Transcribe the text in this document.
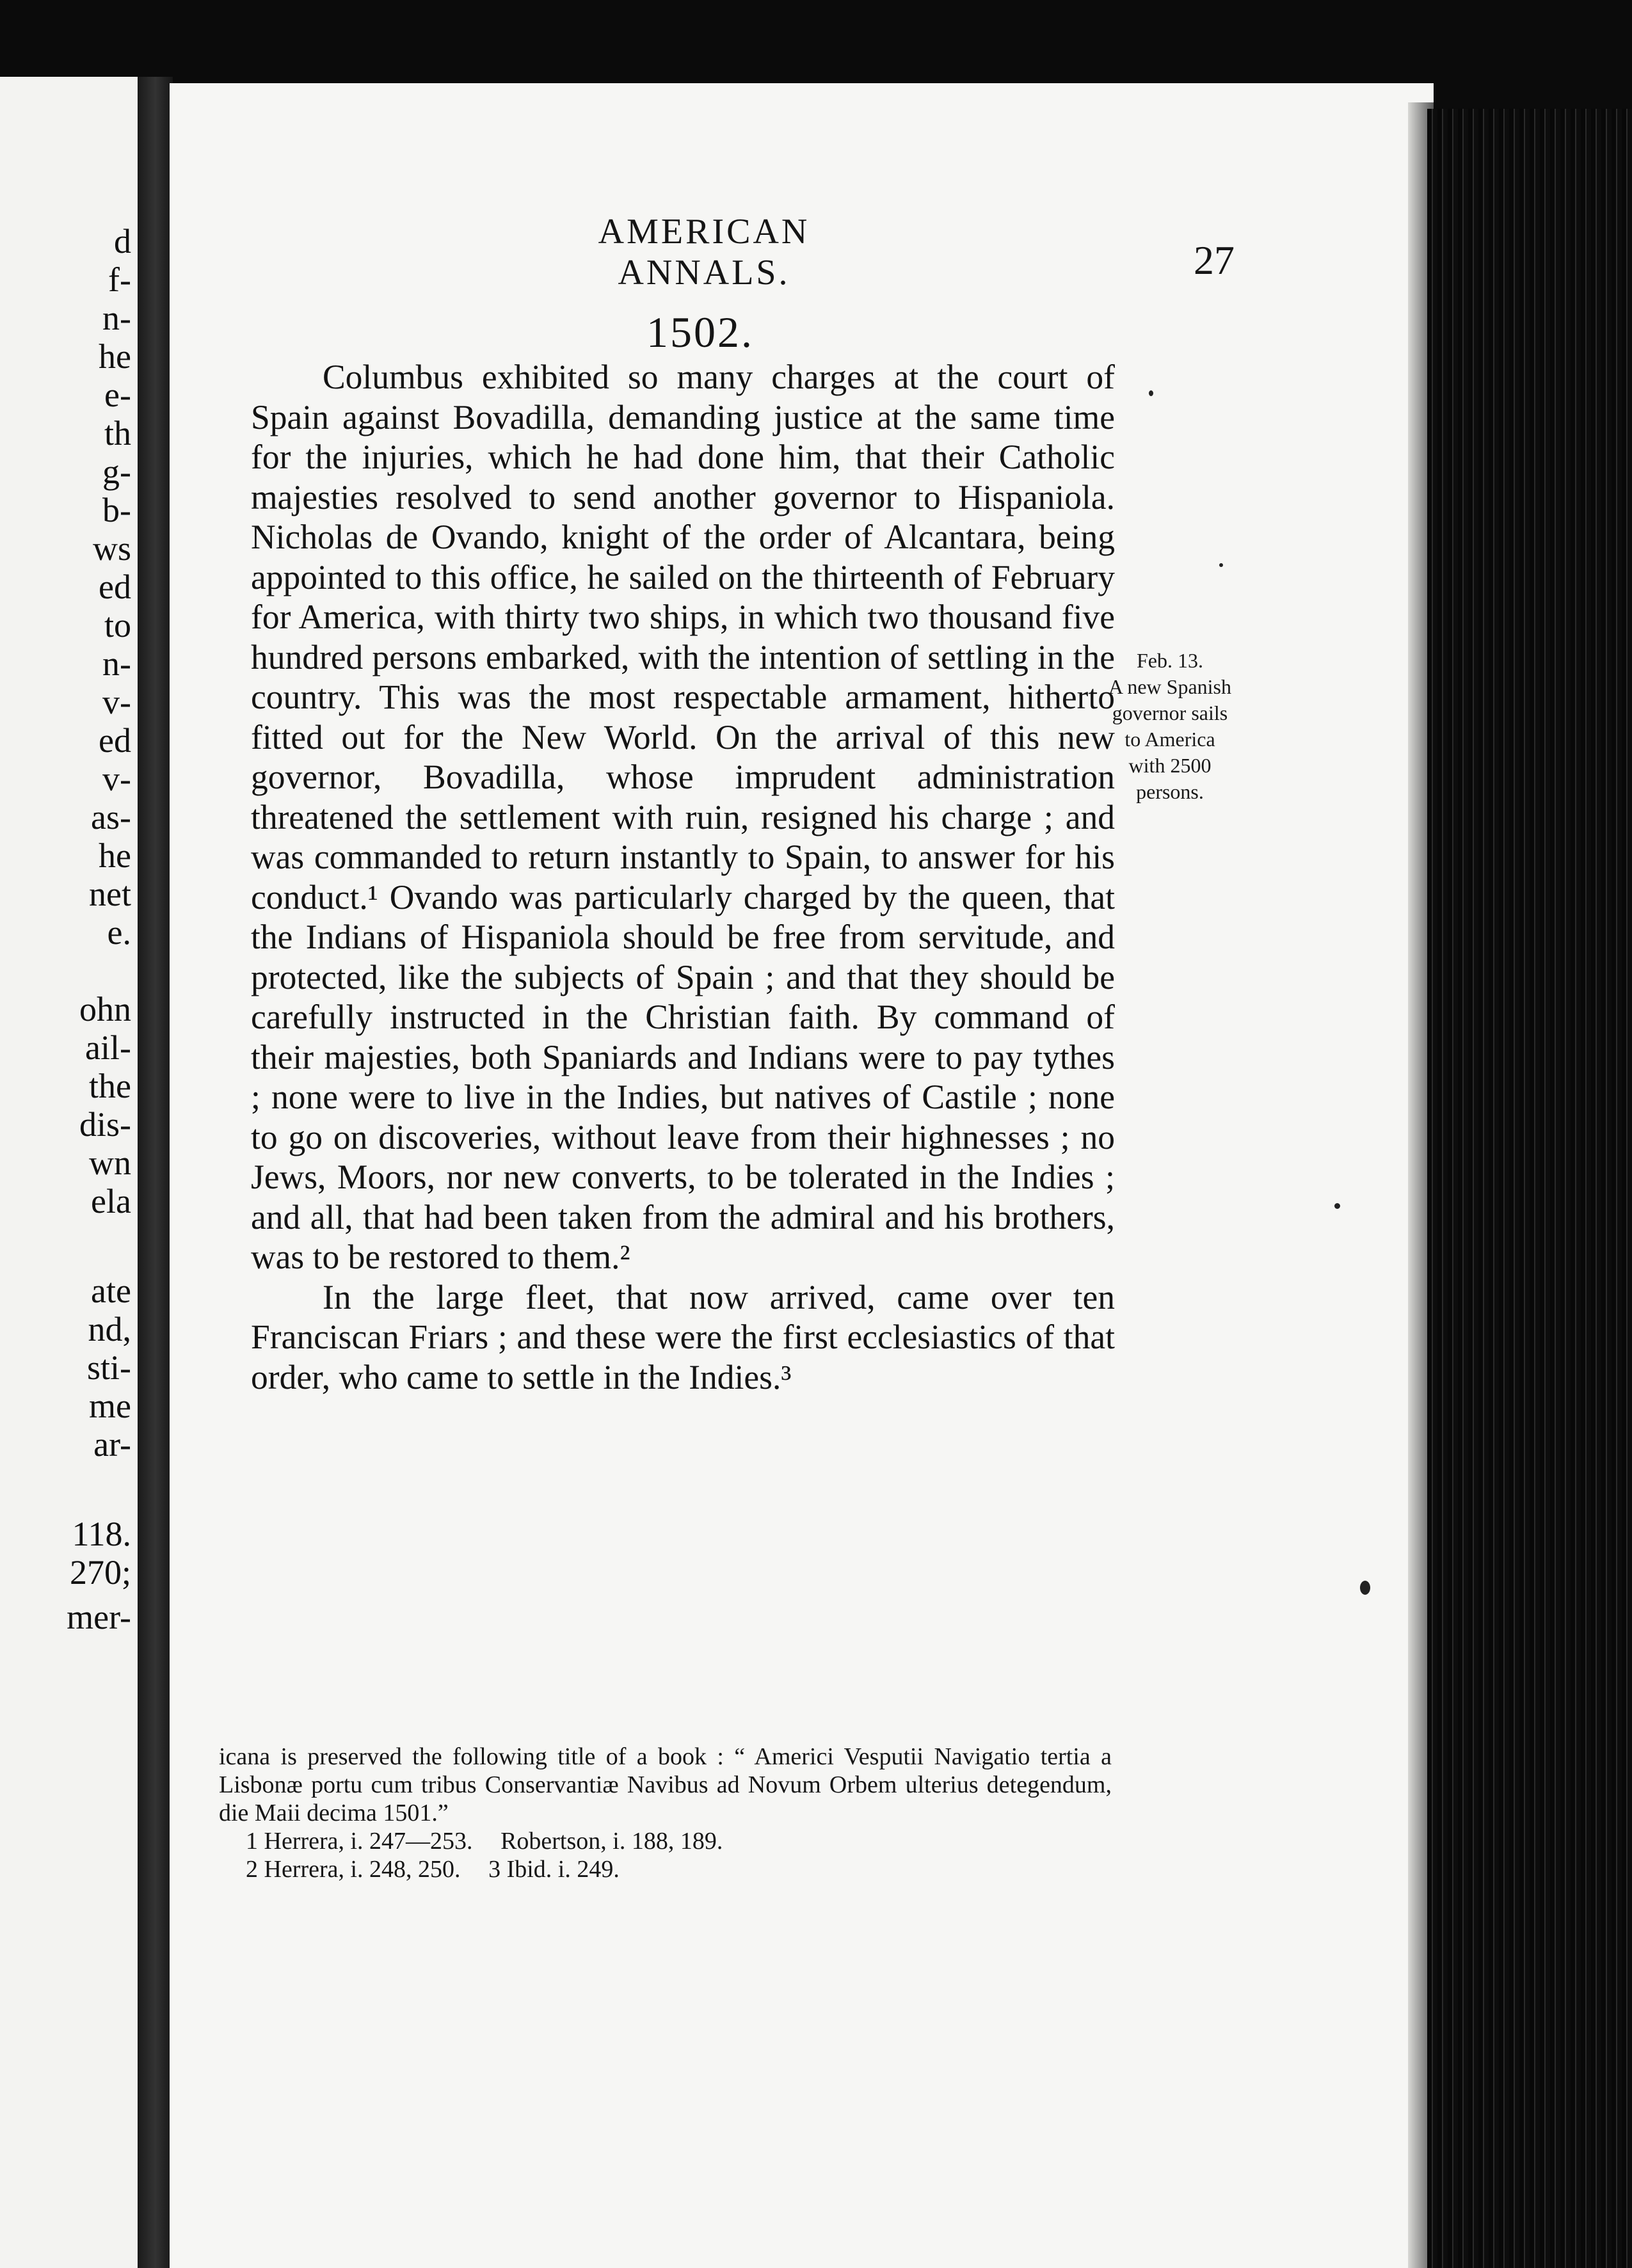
d
f-
n-
he
e-
th
g-
b-
ws
ed
to
n-
v-
ed
v-
as-
he
net
e.
ohn
ail-
the
dis-
wn
ela
ate
nd,
sti-
me
ar-
118.
270;
mer-
AMERICAN ANNALS.	27
1502.

Columbus exhibited so many charges at the court of Spain against Bovadilla, demanding justice at the same time for the injuries, which he had done him, that their Catholic majesties resolved to send another governor to Hispaniola. Nicholas de Ovando, knight of the order of Alcantara, being appointed to this office, he sailed on the thirteenth of February for America, with thirty two ships, in which two thousand five hundred persons embarked, with the intention of settling in the country. This was the most respectable armament, hitherto fitted out for the New World. On the arrival of this new governor, Bovadilla, whose imprudent administration threatened the settlement with ruin, resigned his charge ; and was commanded to return instantly to Spain, to answer for his conduct.¹ Ovando was particularly charged by the queen, that the Indians of Hispaniola should be free from servitude, and protected, like the subjects of Spain ; and that they should be carefully instructed in the Christian faith. By command of their majesties, both Spaniards and Indians were to pay tythes ; none were to live in the Indies, but natives of Castile ; none to go on discoveries, without leave from their highnesses ; no Jews, Moors, nor new converts, to be tolerated in the Indies ; and all, that had been taken from the admiral and his brothers, was to be restored to them.²

In the large fleet, that now arrived, came over ten Franciscan Friars ; and these were the first ecclesiastics of that order, who came to settle in the Indies.³

Feb. 13.
A new Spanish governor sails to America with 2500 persons.
icana is preserved the following title of a book : “ Americi Vesputii Navigatio tertia a Lisbonæ portu cum tribus Conservantiæ Navibus ad Novum Orbem ulterius detegendum, die Maii decima 1501.”
1 Herrera, i. 247—253. Robertson, i. 188, 189.
2 Herrera, i. 248, 250. 3 Ibid. i. 249.
